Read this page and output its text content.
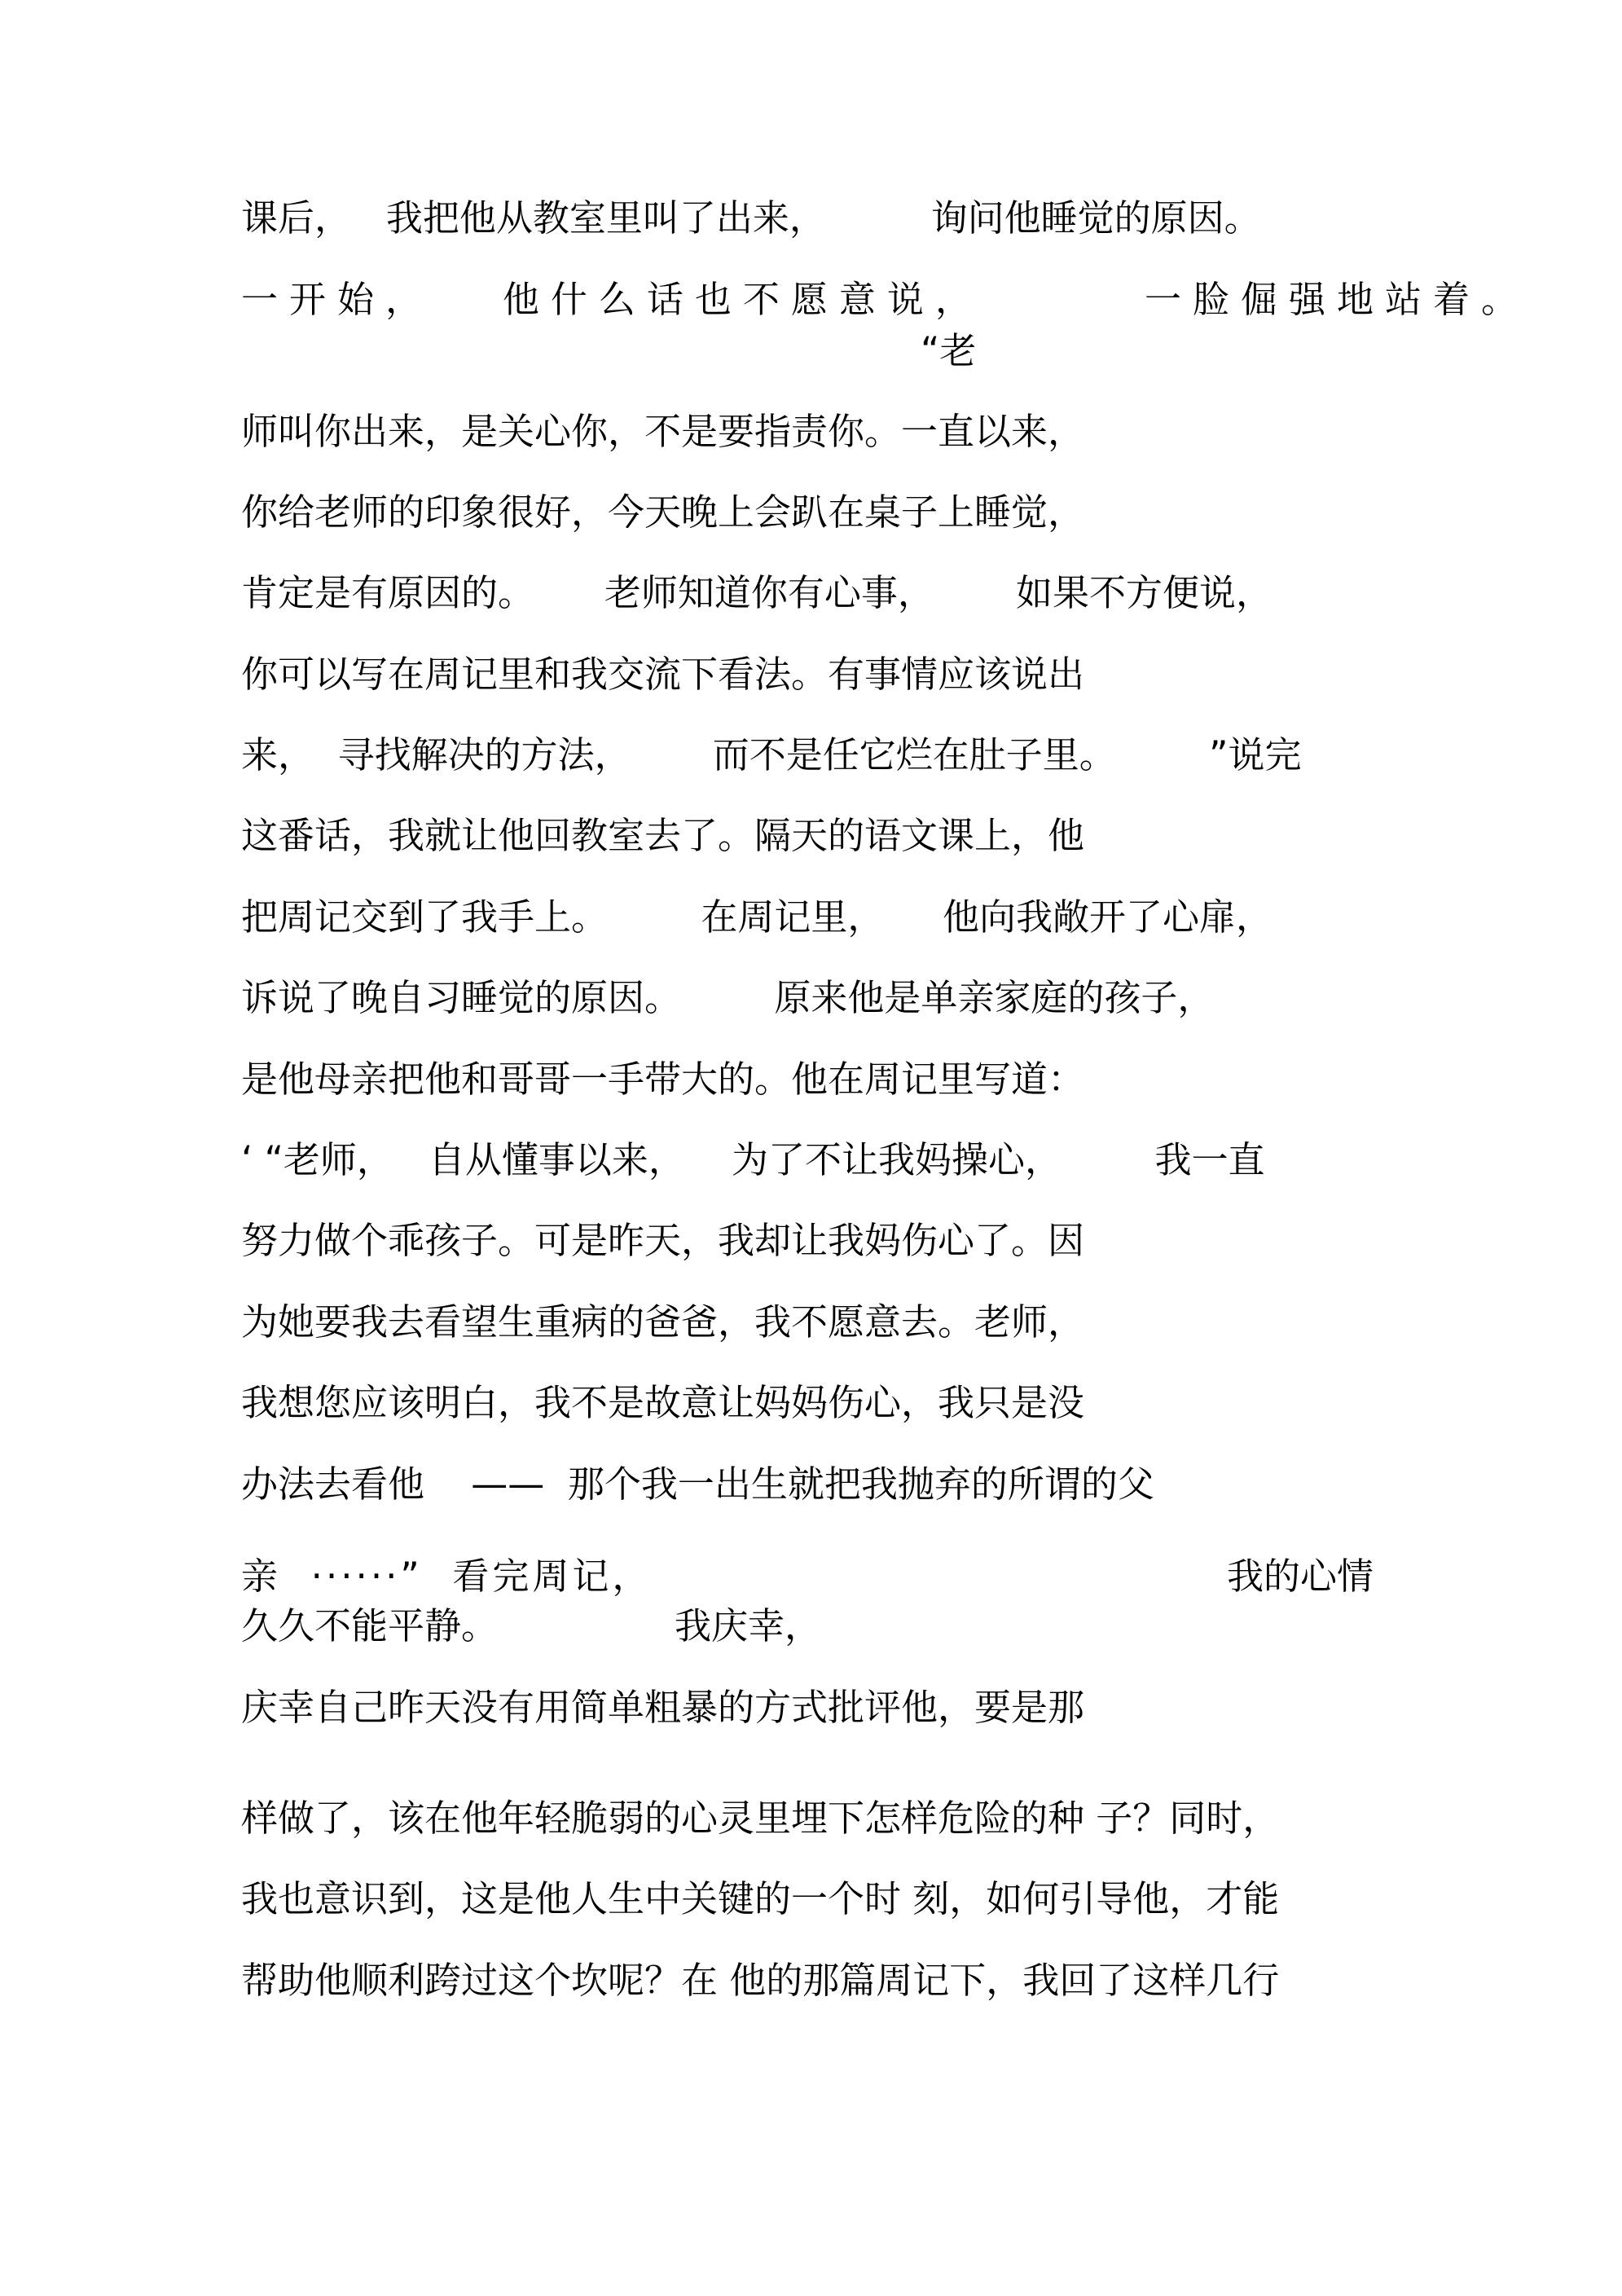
课后，   我把他从教室里叫了出来，         询问他睡觉的原因。

一开始，   他什么话也不愿意说，       一脸倔强地站着。

“老

师叫你出来，是关心你，不是要指责你。一直以来，

你给老师的印象很好，今天晚上会趴在桌子上睡觉，

肯定是有原因的。      老师知道你有心事，       如果不方便说，

你可以写在周记里和我交流下看法。有事情应该说出

来，  寻找解决的方法，       而不是任它烂在肚子里。        ”说完

这番话，我就让他回教室去了。隔天的语文课上，他

把周记交到了我手上。        在周记里，     他向我敞开了心扉，

诉说了晚自习睡觉的原因。        原来他是单亲家庭的孩子，

是他母亲把他和哥哥一手带大的。他在周记里写道：

‘ “老师，   自从懂事以来，    为了不让我妈操心，        我一直

努力做个乖孩子。可是昨天，我却让我妈伤心了。因

为她要我去看望生重病的爸爸，我不愿意去。老师，

我想您应该明白，我不是故意让妈妈伤心，我只是没

办法去看他    ——  那个我一出生就把我抛弃的所谓的父

亲  ······”  看完周记，	我的心情

久久不能平静。	我庆幸，

庆幸自己昨天没有用简单粗暴的方式批评他，要是那

样做了，该在他年轻脆弱的心灵里埋下怎样危险的种 子？同时，

我也意识到，这是他人生中关键的一个时 刻，如何引导他，才能

帮助他顺利跨过这个坎呢？在 他的那篇周记下，我回了这样几行
